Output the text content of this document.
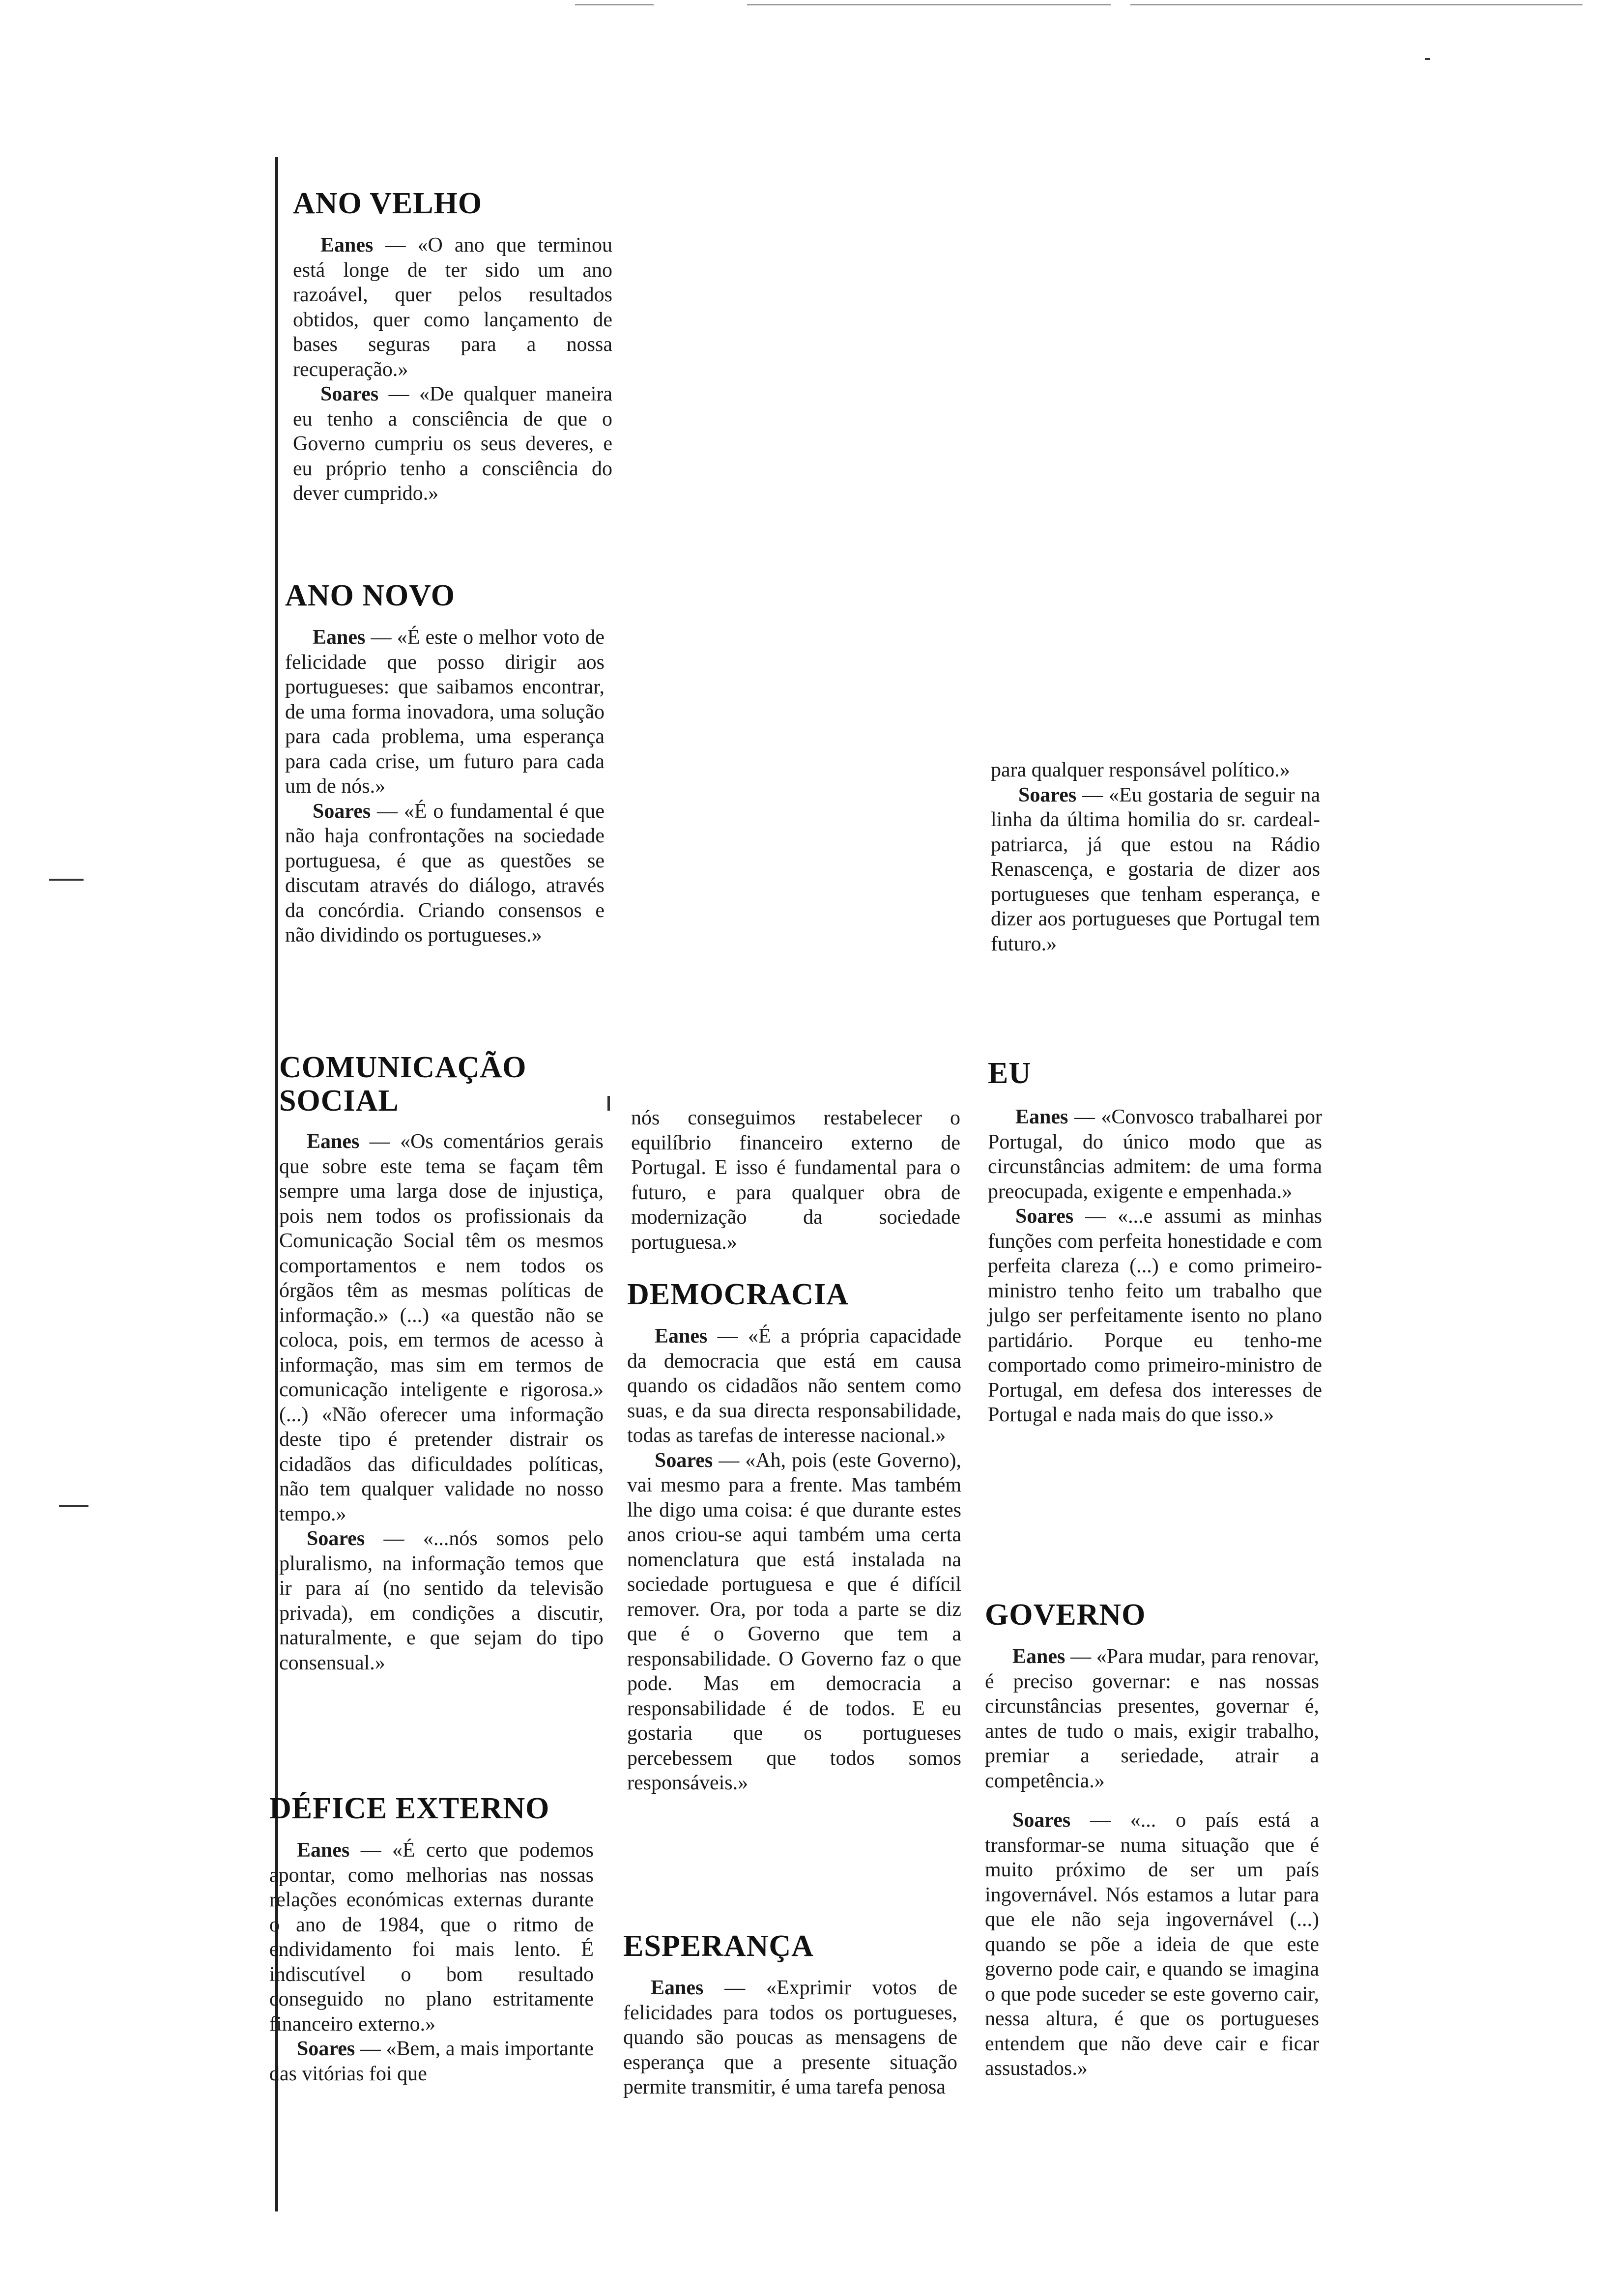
ANO VELHO

Eanes — «O ano que terminou está longe de ter sido um ano razoável, quer pelos resultados obtidos, quer como lançamento de bases seguras para a nossa recuperação.»

Soares — «De qualquer maneira eu tenho a consciência de que o Governo cumpriu os seus deveres, e eu próprio tenho a consciência do dever cumprido.»

ANO NOVO

Eanes — «É este o melhor voto de felicidade que posso dirigir aos portugueses: que saibamos encontrar, de uma forma inovadora, uma solução para cada problema, uma esperança para cada crise, um futuro para cada um de nós.»

Soares — «É o fundamental é que não haja confrontações na sociedade portuguesa, é que as questões se discutam através do diálogo, através da concórdia. Criando consensos e não dividindo os portugueses.»

COMUNICAÇÃO SOCIAL

Eanes — «Os comentários gerais que sobre este tema se façam têm sempre uma larga dose de injustiça, pois nem todos os profissionais da Comunicação Social têm os mesmos comportamentos e nem todos os órgãos têm as mesmas políticas de informação.» (...) «a questão não se coloca, pois, em termos de acesso à informação, mas sim em termos de comunicação inteligente e rigorosa.» (...) «Não oferecer uma informação deste tipo é pretender distrair os cidadãos das dificuldades políticas, não tem qualquer validade no nosso tempo.»

Soares — «...nós somos pelo pluralismo, na informação temos que ir para aí (no sentido da televisão privada), em condições a discutir, naturalmente, e que sejam do tipo consensual.»

DÉFICE EXTERNO

Eanes — «É certo que podemos apontar, como melhorias nas nossas relações económicas externas durante o ano de 1984, que o ritmo de endividamento foi mais lento. É indiscutível o bom resultado conseguido no plano estritamente financeiro externo.»

Soares — «Bem, a mais importante das vitórias foi que

nós conseguimos restabelecer o equilíbrio financeiro externo de Portugal. E isso é fundamental para o futuro, e para qualquer obra de modernização da sociedade portuguesa.»

DEMOCRACIA

Eanes — «É a própria capacidade da democracia que está em causa quando os cidadãos não sentem como suas, e da sua directa responsabilidade, todas as tarefas de interesse nacional.»

Soares — «Ah, pois (este Governo), vai mesmo para a frente. Mas também lhe digo uma coisa: é que durante estes anos criou-se aqui também uma certa nomenclatura que está instalada na sociedade portuguesa e que é difícil remover. Ora, por toda a parte se diz que é o Governo que tem a responsabilidade. O Governo faz o que pode. Mas em democracia a responsabilidade é de todos. E eu gostaria que os portugueses percebessem que todos somos responsáveis.»

ESPERANÇA

Eanes — «Exprimir votos de felicidades para todos os portugueses, quando são poucas as mensagens de esperança que a presente situação permite transmitir, é uma tarefa penosa

para qualquer responsável político.»

Soares — «Eu gostaria de seguir na linha da última homilia do sr. cardeal-patriarca, já que estou na Rádio Renascença, e gostaria de dizer aos portugueses que tenham esperança, e dizer aos portugueses que Portugal tem futuro.»

EU

Eanes — «Convosco trabalharei por Portugal, do único modo que as circunstâncias admitem: de uma forma preocupada, exigente e empenhada.»

Soares — «...e assumi as minhas funções com perfeita honestidade e com perfeita clareza (...) e como primeiro-ministro tenho feito um trabalho que julgo ser perfeitamente isento no plano partidário. Porque eu tenho-me comportado como primeiro-ministro de Portugal, em defesa dos interesses de Portugal e nada mais do que isso.»

GOVERNO

Eanes — «Para mudar, para renovar, é preciso governar: e nas nossas circunstâncias presentes, governar é, antes de tudo o mais, exigir trabalho, premiar a seriedade, atrair a competência.»

Soares — «... o país está a transformar-se numa situação que é muito próximo de ser um país ingovernável. Nós estamos a lutar para que ele não seja ingovernável (...) quando se põe a ideia de que este governo pode cair, e quando se imagina o que pode suceder se este governo cair, nessa altura, é que os portugueses entendem que não deve cair e ficar assustados.»
